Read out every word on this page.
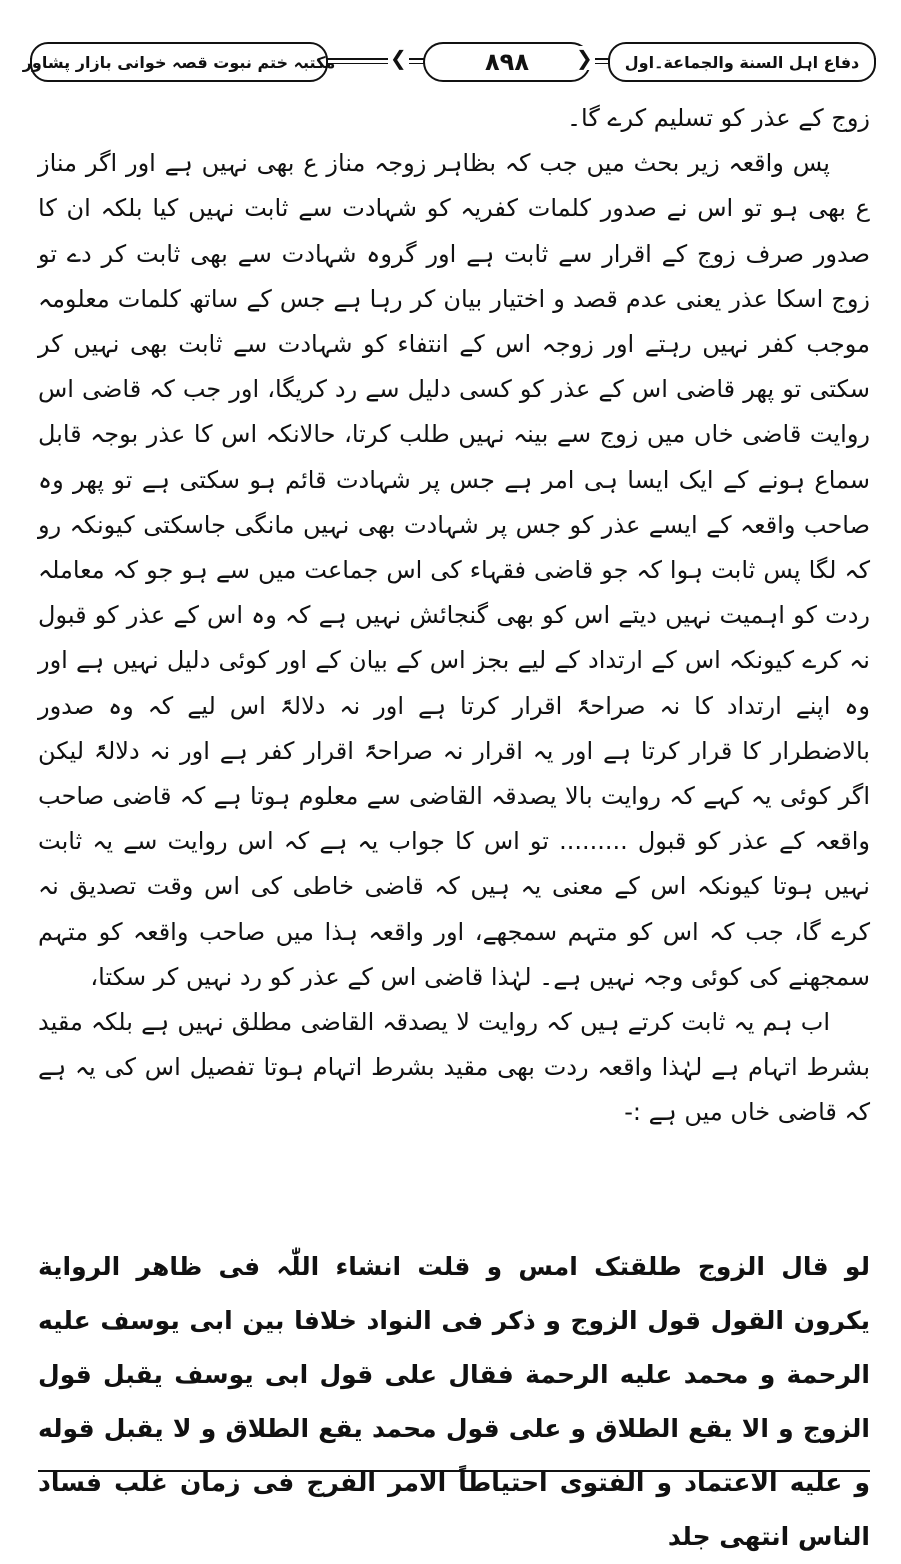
دفاع اہل السنة والجماعة۔اول
مکتبہ ختم نبوت قصہ خوانی بازار پشاور	❮	٨٩٨	❯

زوج کے عذر کو تسلیم کرے گا۔

پس واقعہ زیر بحث میں جب کہ بظاہر زوجہ مناز ع بھی نہیں ہے اور اگر مناز ع بھی ہو تو اس نے صدور کلمات کفریہ کو شہادت سے ثابت نہیں کیا بلکہ ان کا صدور صرف زوج کے اقرار سے ثابت ہے اور گروہ شہادت سے بھی ثابت کر دے تو زوج اسکا عذر یعنی عدم قصد و اختیار بیان کر رہا ہے جس کے ساتھ کلمات معلومہ موجب کفر نہیں رہتے اور زوجہ اس کے انتفاء کو شہادت سے ثابت بھی نہیں کر سکتی تو پھر قاضی اس کے عذر کو کسی دلیل سے رد کریگا، اور جب کہ قاضی اس روایت قاضی خاں میں زوج سے بینہ نہیں طلب کرتا، حالانکہ اس کا عذر بوجہ قابل سماع ہونے کے ایک ایسا ہی امر ہے جس پر شہادت قائم ہو سکتی ہے تو پھر وہ صاحب واقعہ کے ایسے عذر کو جس پر شہادت بھی نہیں مانگی جاسکتی کیونکہ رو کہ لگا پس ثابت ہوا کہ جو قاضی فقہاء کی اس جماعت میں سے ہو جو کہ معاملہ ردت کو اہمیت نہیں دیتے اس کو بھی گنجائش نہیں ہے کہ وہ اس کے عذر کو قبول نہ کرے کیونکہ اس کے ارتداد کے لیے بجز اس کے بیان کے اور کوئی دلیل نہیں ہے اور وہ اپنے ارتداد کا نہ صراحۃً اقرار کرتا ہے اور نہ دلالۃً اس لیے کہ وہ صدور بالاضطرار کا قرار کرتا ہے اور یہ اقرار نہ صراحۃً اقرار کفر ہے اور نہ دلالۃً لیکن اگر کوئی یہ کہے کہ روایت بالا یصدقہ القاضی سے معلوم ہوتا ہے کہ قاضی صاحب واقعہ کے عذر کو قبول ......... تو اس کا جواب یہ ہے کہ اس روایت سے یہ ثابت نہیں ہوتا کیونکہ اس کے معنی یہ ہیں کہ قاضی خاطی کی اس وقت تصدیق نہ کرے گا، جب کہ اس کو متہم سمجھے، اور واقعہ ہذا میں صاحب واقعہ کو متہم سمجھنے کی کوئی وجہ نہیں ہے۔ لہٰذا قاضی اس کے عذر کو رد نہیں کر سکتا،

اب ہم یہ ثابت کرتے ہیں کہ روایت لا یصدقہ القاضی مطلق نہیں ہے بلکہ مقید بشرط اتہام ہے لہٰذا واقعہ ردت بھی مقید بشرط اتہام ہوتا تفصیل اس کی یہ ہے کہ قاضی خاں میں ہے :-

لو قال الزوج طلقتک امس و قلت انشاء اللّٰہ فی ظاهر الروایة یکرون القول قول الزوج و ذکر فی النواد خلافا بین ابی یوسف علیه الرحمة و محمد علیه الرحمة فقال علی قول ابی یوسف یقبل قول الزوج و الا یقع الطلاق و علی قول محمد یقع الطلاق و لا یقبل قوله و علیه الاعتماد و الفتوی احتیاطاً الامر الفرج فی زمان غلب فساد الناس انتهی جلد
